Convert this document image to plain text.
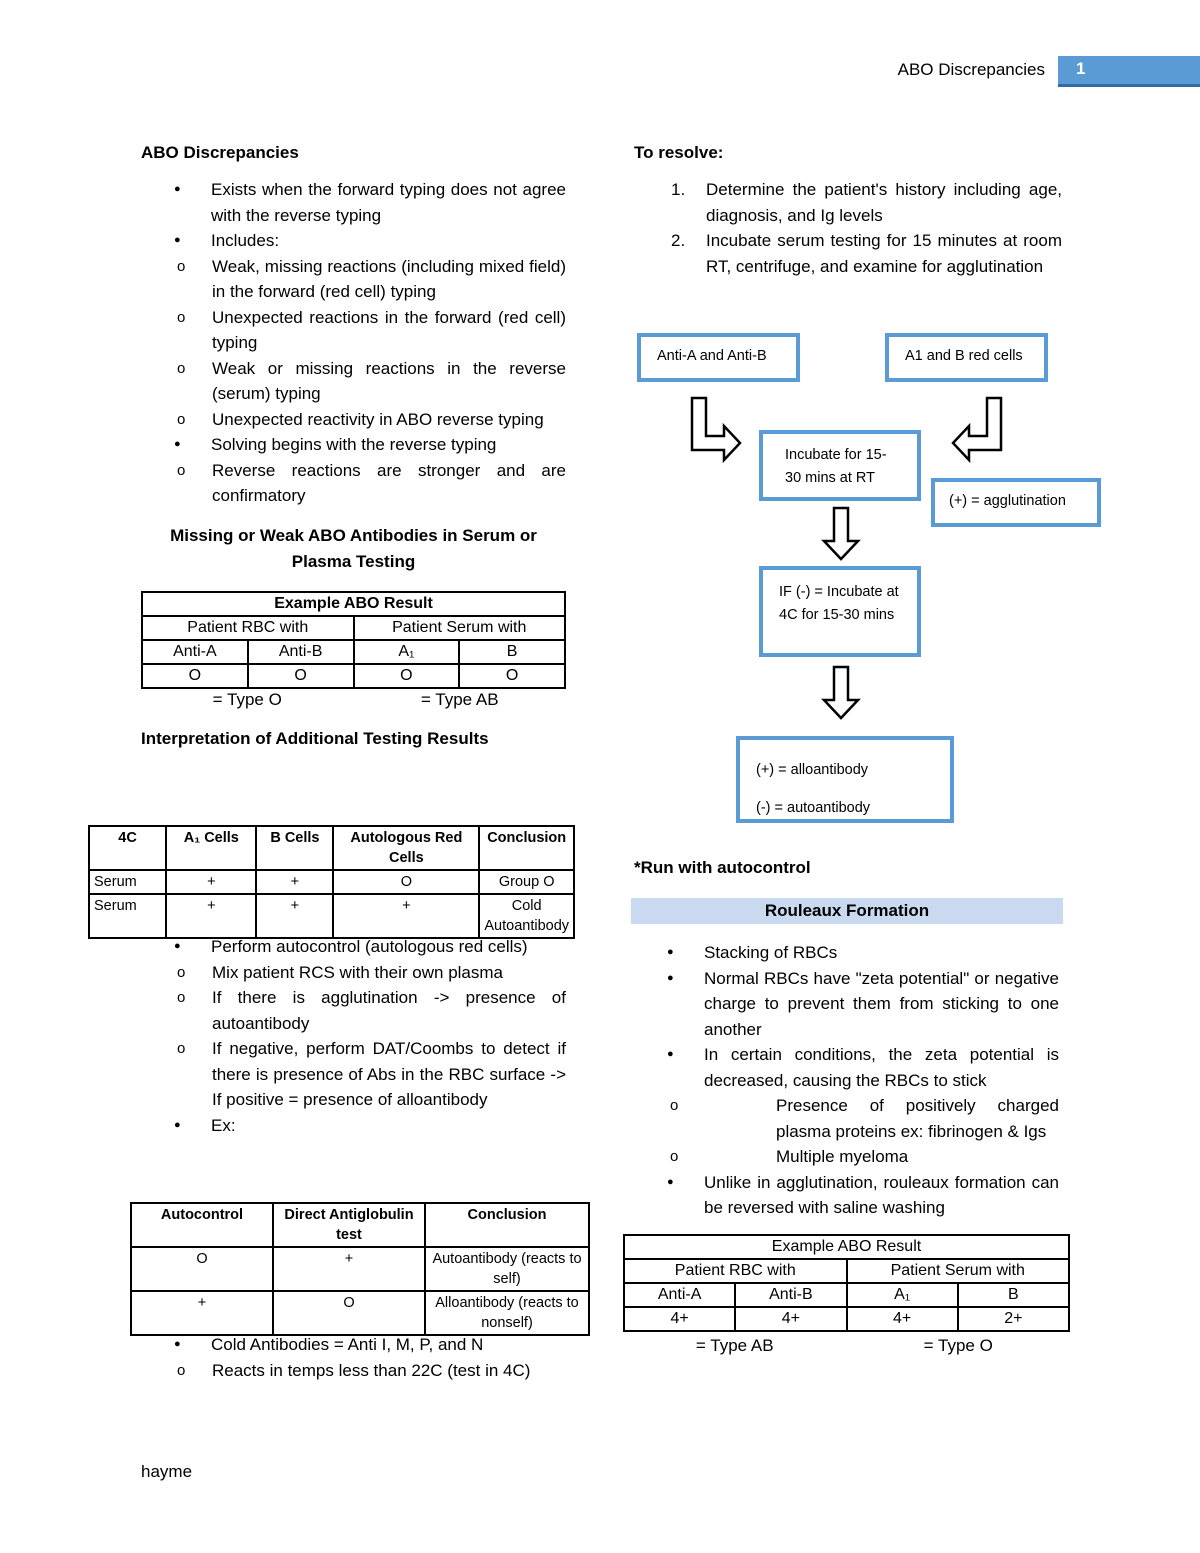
ABO Discrepancies 1
ABO Discrepancies
● Exists when the forward typing does not agree with the reverse typing
● Includes:
o Weak, missing reactions (including mixed field) in the forward (red cell) typing
o Unexpected reactions in the forward (red cell) typing
o Weak or missing reactions in the reverse (serum) typing
o Unexpected reactivity in ABO reverse typing
● Solving begins with the reverse typing
o Reverse reactions are stronger and are confirmatory
Missing or Weak ABO Antibodies in Serum or Plasma Testing
Example ABO Result			
Patient RBC with		Patient Serum with	
Anti-A	Anti-B	A₁	B
O	O	O	O
= Type O	= Type AB
Interpretation of Additional Testing Results
4C	A₁ Cells	B Cells	Autologous Red Cells	Conclusion
Serum	+	+	O	Group O
Serum	+	+	+	Cold Autoantibody
● Perform autocontrol (autologous red cells)
o Mix patient RCS with their own plasma
o If there is agglutination -> presence of autoantibody
o If negative, perform DAT/Coombs to detect if there is presence of Abs in the RBC surface -> If positive = presence of alloantibody
● Ex:
Autocontrol	Direct Antiglobulin test	Conclusion
O	+	Autoantibody (reacts to self)
+	O	Alloantibody (reacts to nonself)
● Cold Antibodies = Anti I, M, P, and N
o Reacts in temps less than 22C (test in 4C)
To resolve:
1. Determine the patient's history including age, diagnosis, and Ig levels
2. Incubate serum testing for 15 minutes at room RT, centrifuge, and examine for agglutination
Anti-A and Anti-B	A1 and B red cells
Incubate for 15-30 mins at RT
(+) = agglutination
IF (-) = Incubate at 4C for 15-30 mins
(+) = alloantibody
(-) = autoantibody
*Run with autocontrol
Rouleaux Formation
● Stacking of RBCs
● Normal RBCs have "zeta potential" or negative charge to prevent them from sticking to one another
● In certain conditions, the zeta potential is decreased, causing the RBCs to stick
o Presence of positively charged plasma proteins ex: fibrinogen & Igs
o Multiple myeloma
● Unlike in agglutination, rouleaux formation can be reversed with saline washing
Example ABO Result			
Patient RBC with		Patient Serum with	
Anti-A	Anti-B	A₁	B
4+	4+	4+	2+
= Type AB	= Type O
hayme
